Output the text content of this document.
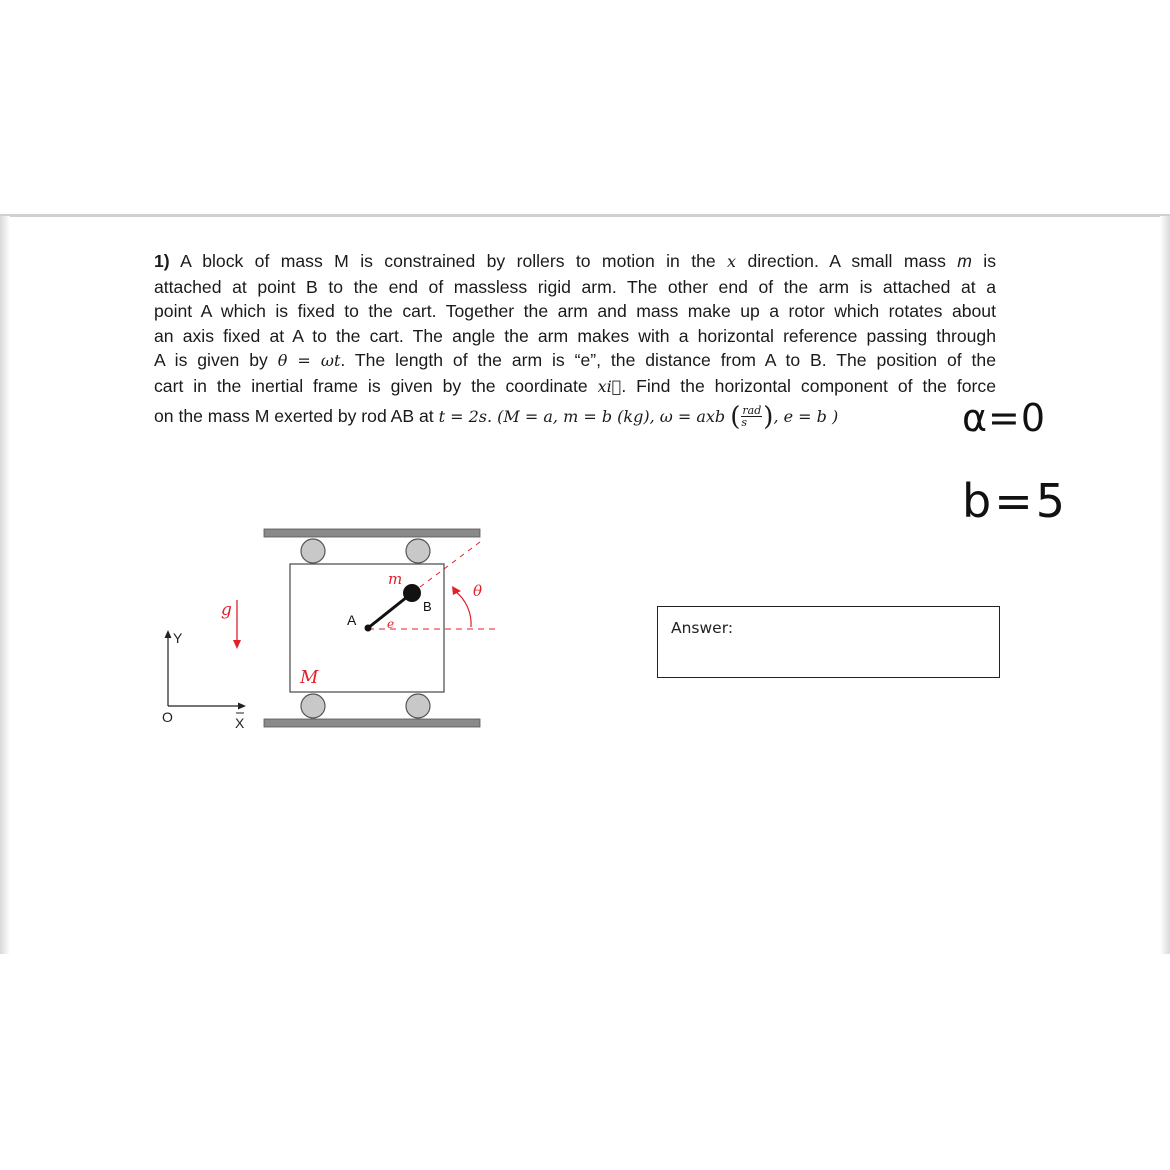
1) A block of mass M is constrained by rollers to motion in the x direction. A small mass m is
attached at point B to the end of massless rigid arm. The other end of the arm is attached at a
point A which is fixed to the cart. Together the arm and mass make up a rotor which rotates about
an axis fixed at A to the cart. The angle the arm makes with a horizontal reference passing through
A is given by θ = ωt. The length of the arm is “e”, the distance from A to B. The position of the
cart in the inertial frame is given by the coordinate xi⃗. Find the horizontal component of the force
on the mass M exerted by rod AB at t = 2s. (M = a, m = b (kg), ω = axb ( $\frac{\text{rad}}{s}$ ), e = b )	α=0
b=5
m
B
A	e
θ
g
M
Y
X
O
Answer:
